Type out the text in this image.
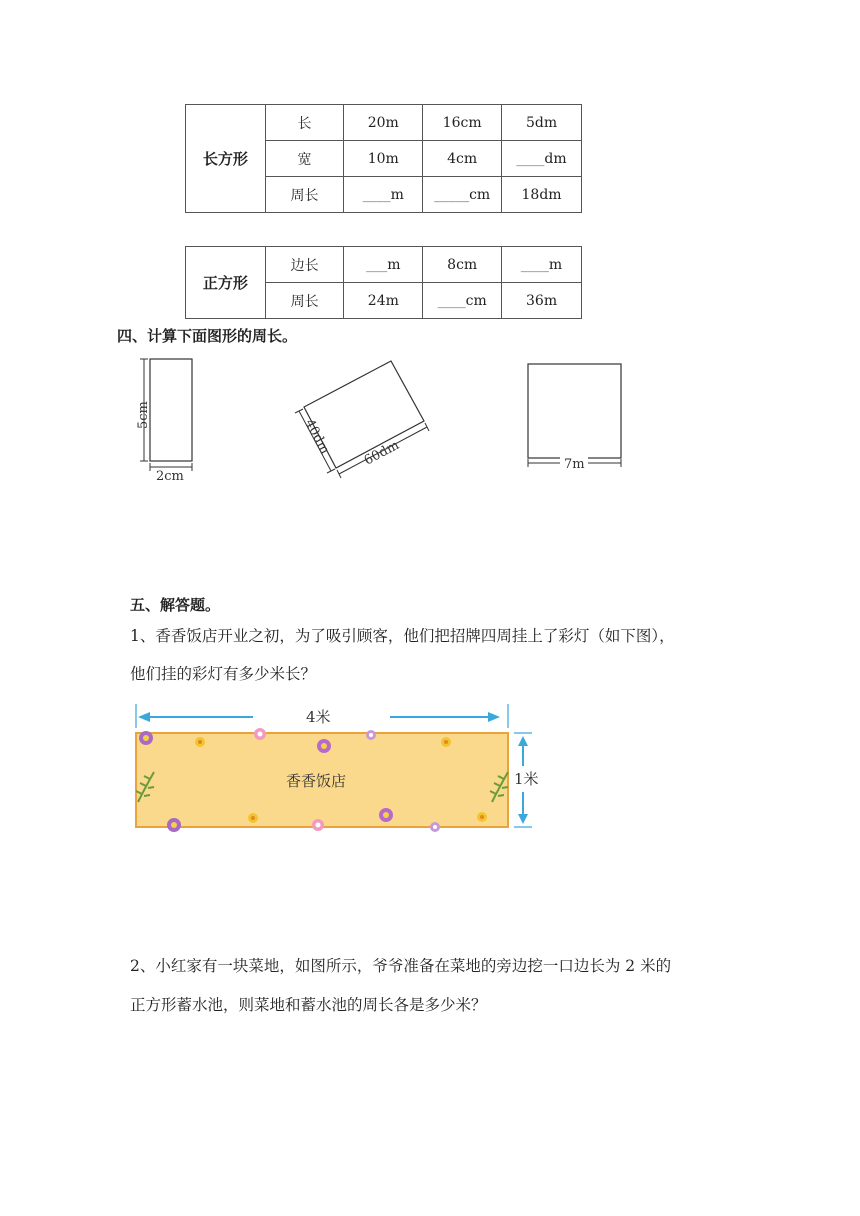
长方形	长	20m	16cm	5dm
	宽	10m	4cm	____dm
	周长	____m	_____cm	18dm
正方形	边长	___m	8cm	____m
	周长	24m	____cm	36m
四、计算下面图形的周长。
5cm
2cm
40dm 60dm	7m
五、解答题。
1、香香饭店开业之初，为了吸引顾客，他们把招牌四周挂上了彩灯（如下图），
他们挂的彩灯有多少米长？
4米
香香饭店	1米
2、小红家有一块菜地，如图所示，爷爷准备在菜地的旁边挖一口边长为 2 米的
正方形蓄水池，则菜地和蓄水池的周长各是多少米？
